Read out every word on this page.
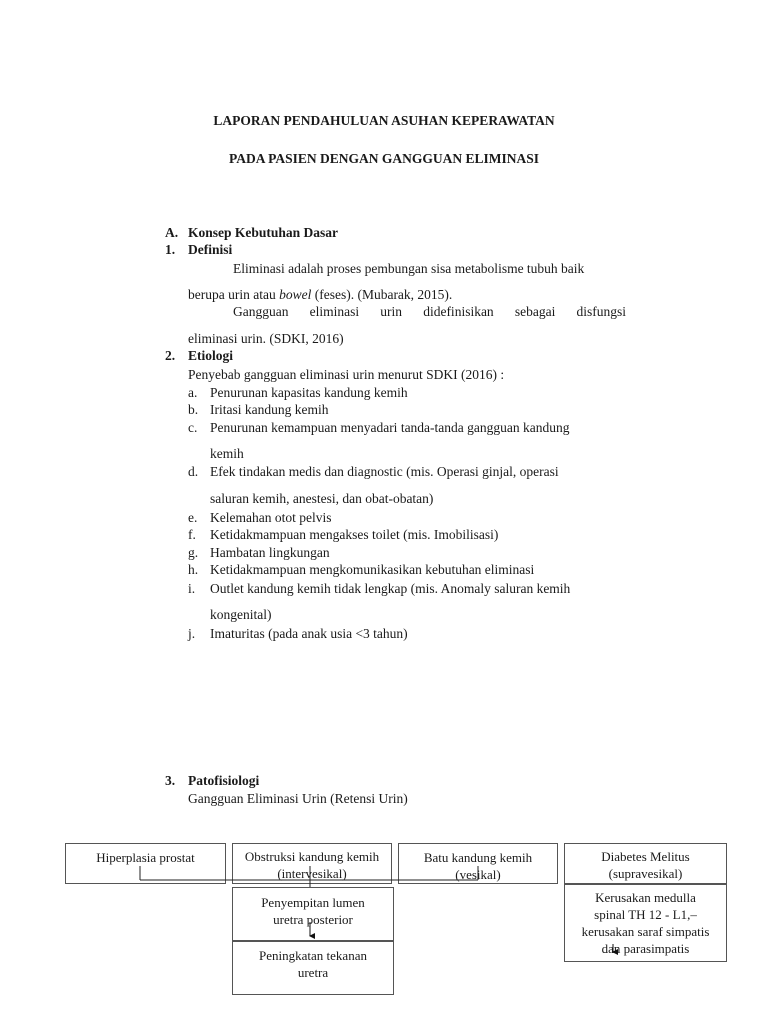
LAPORAN PENDAHULUAN ASUHAN KEPERAWATAN
PADA PASIEN DENGAN GANGGUAN ELIMINASI
A. Konsep Kebutuhan Dasar
1. Definisi
Eliminasi adalah proses pembungan sisa metabolisme tubuh baik
berupa urin atau bowel (feses). (Mubarak, 2015).
Gangguan eliminasi urin didefinisikan sebagai disfungsi
eliminasi urin. (SDKI, 2016)
2. Etiologi
Penyebab gangguan eliminasi urin menurut SDKI (2016) :
a. Penurunan kapasitas kandung kemih
b. Iritasi kandung kemih
c. Penurunan kemampuan menyadari tanda-tanda gangguan kandung
kemih
d. Efek tindakan medis dan diagnostic (mis. Operasi ginjal, operasi
saluran kemih, anestesi, dan obat-obatan)
e. Kelemahan otot pelvis
f. Ketidakmampuan mengakses toilet (mis. Imobilisasi)
g. Hambatan lingkungan
h. Ketidakmampuan mengkomunikasikan kebutuhan eliminasi
i. Outlet kandung kemih tidak lengkap (mis. Anomaly saluran kemih
kongenital)
j. Imaturitas (pada anak usia <3 tahun)
3. Patofisiologi
Gangguan Eliminasi Urin (Retensi Urin)
Hiperplasia prostat	Obstruksi kandung kemih
(intervesikal)
Batu kandung kemih
(vesikal)
Diabetes Melitus
(supravesikal)
Penyempitan lumen
uretra posterior
Peningkatan tekanan
uretra
Kerusakan medulla
spinal TH 12 - L1,–
kerusakan saraf simpatis
dan parasimpatis
